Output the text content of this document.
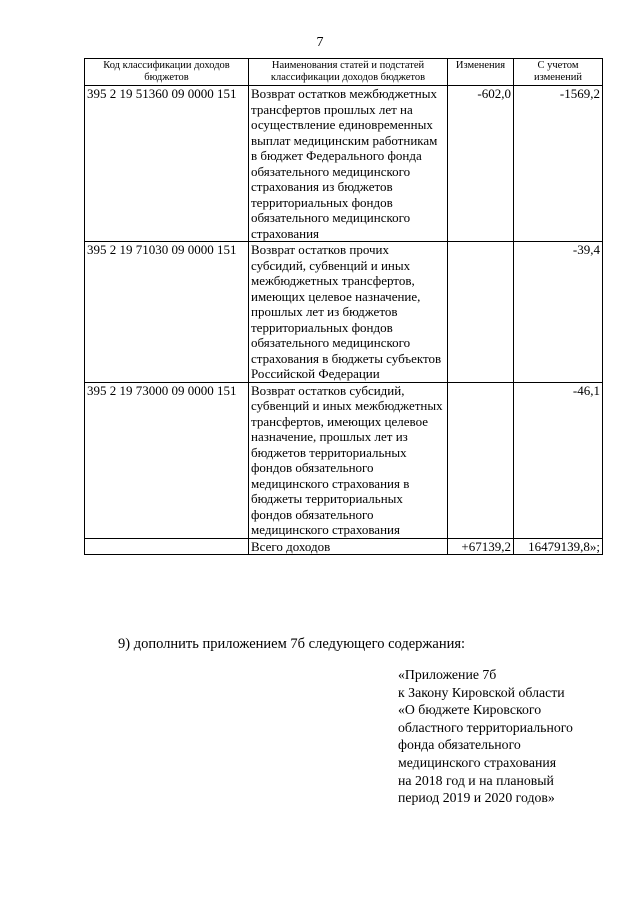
7
Код классификации доходов бюджетов	Наименования статей и подстатей классификации доходов бюджетов	Изменения	С учетом изменений
395 2 19 51360 09 0000 151	Возврат остатков межбюджетных трансфертов прошлых лет на осуществление единовременных выплат медицинским работникам в бюджет Федерального фонда обязательного медицинского страхования из бюджетов территориальных фондов обязательного медицинского страхования	-602,0	-1569,2
395 2 19 71030 09 0000 151	Возврат остатков прочих субсидий, субвенций и иных межбюджетных трансфертов, имеющих целевое назначение, прошлых лет из бюджетов территориальных фондов обязательного медицинского страхования в бюджеты субъектов Российской Федерации		-39,4
395 2 19 73000 09 0000 151	Возврат остатков субсидий, субвенций и иных межбюджетных трансфертов, имеющих целевое назначение, прошлых лет из бюджетов территориальных фондов обязательного медицинского страхования в бюджеты территориальных фондов обязательного медицинского страхования		-46,1
	Всего доходов	+67139,2	16479139,8»;
9) дополнить приложением 7б следующего содержания:
«Приложение 7б
к Закону Кировской области
«О бюджете Кировского
областного территориального
фонда обязательного
медицинского страхования
на 2018 год и на плановый
период 2019 и 2020 годов»
